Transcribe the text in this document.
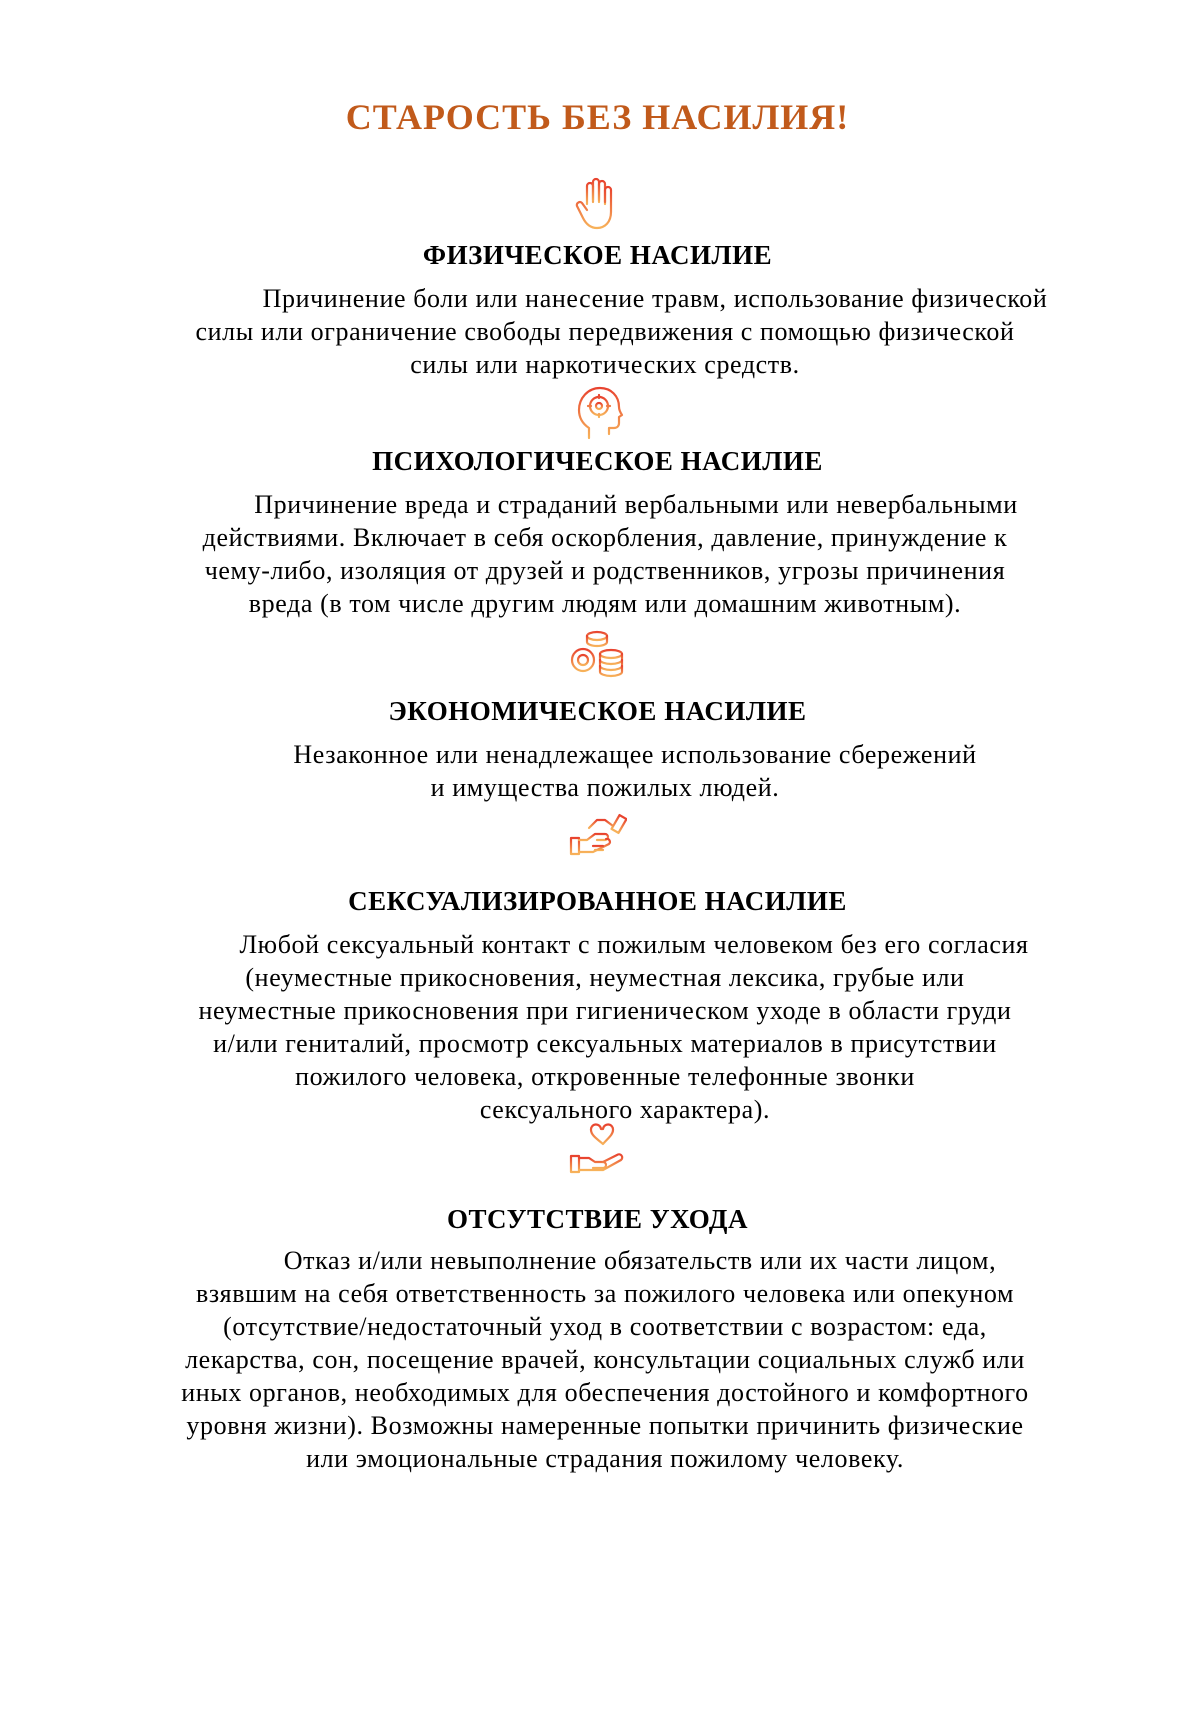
СТАРОСТЬ БЕЗ НАСИЛИЯ!
ФИЗИЧЕСКОЕ НАСИЛИЕ

Причинение боли или нанесение травм, использование физической
силы или ограничение свободы передвижения с помощью физической
силы или наркотических средств.

ПСИХОЛОГИЧЕСКОЕ НАСИЛИЕ

Причинение вреда и страданий вербальными или невербальными
действиями. Включает в себя оскорбления, давление, принуждение к
чему-либо, изоляция от друзей и родственников, угрозы причинения
вреда (в том числе другим людям или домашним животным).

ЭКОНОМИЧЕСКОЕ НАСИЛИЕ

Незаконное или ненадлежащее использование сбережений
и имущества пожилых людей.

СЕКСУАЛИЗИРОВАННОЕ НАСИЛИЕ

Любой сексуальный контакт с пожилым человеком без его согласия
(неуместные прикосновения, неуместная лексика, грубые или
неуместные прикосновения при гигиеническом уходе в области груди
и/или гениталий, просмотр сексуальных материалов в присутствии
пожилого человека, откровенные телефонные звонки
сексуального характера).

ОТСУТСТВИЕ УХОДА

Отказ и/или невыполнение обязательств или их части лицом,
взявшим на себя ответственность за пожилого человека или опекуном
(отсутствие/недостаточный уход в соответствии с возрастом: еда,
лекарства, сон, посещение врачей, консультации социальных служб или
иных органов, необходимых для обеспечения достойного и комфортного
уровня жизни). Возможны намеренные попытки причинить физические
или эмоциональные страдания пожилому человеку.
